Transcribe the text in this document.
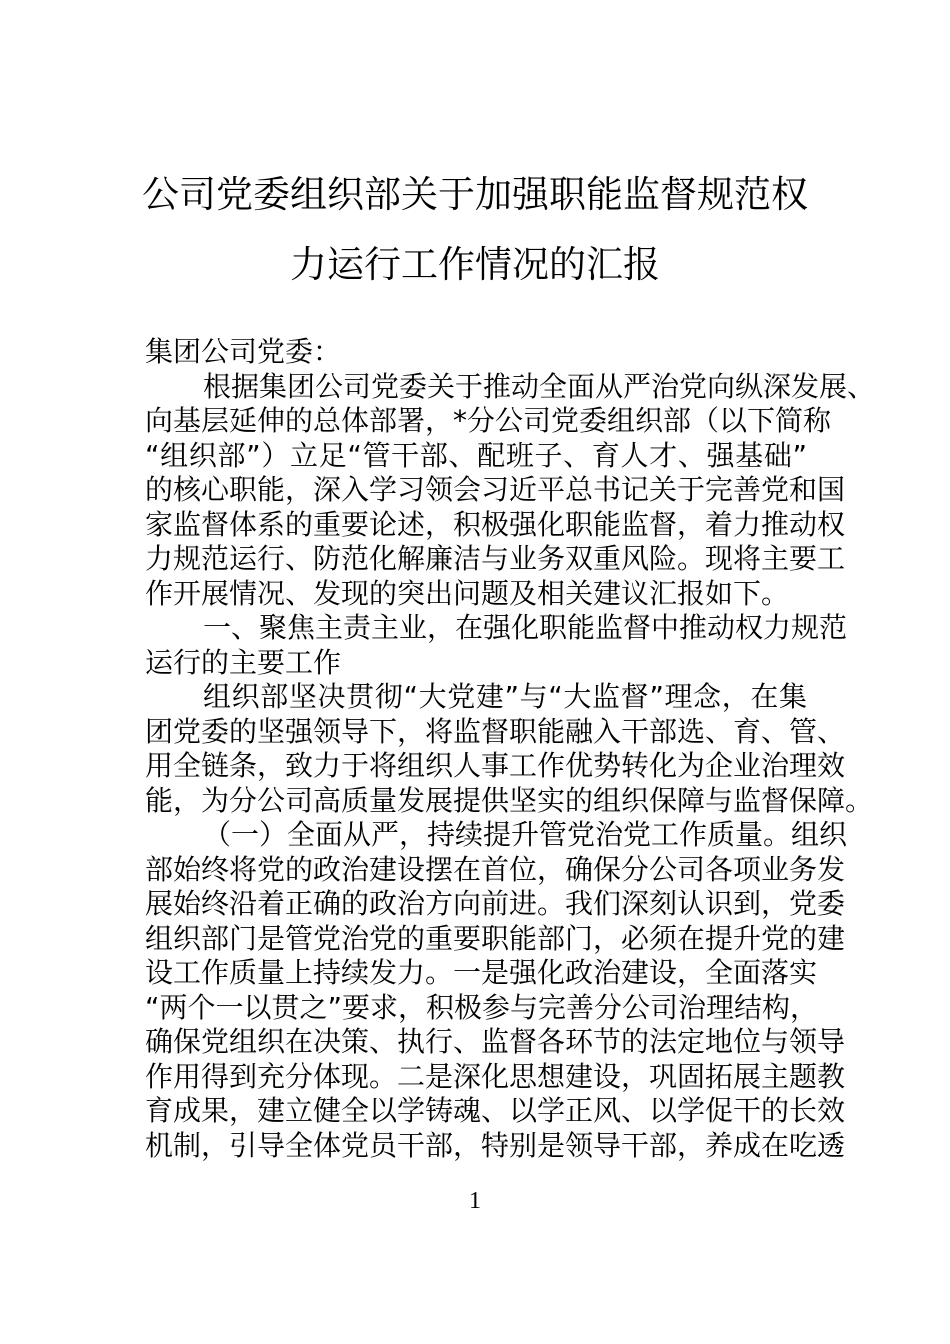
公司党委组织部关于加强职能监督规范权
力运行工作情况的汇报
集团公司党委：
根据集团公司党委关于推动全面从严治党向纵深发展、
向基层延伸的总体部署，*分公司党委组织部（以下简称
“组织部”）立足“管干部、配班子、育人才、强基础”
的核心职能，深入学习领会习近平总书记关于完善党和国
家监督体系的重要论述，积极强化职能监督，着力推动权
力规范运行、防范化解廉洁与业务双重风险。现将主要工
作开展情况、发现的突出问题及相关建议汇报如下。
一、聚焦主责主业，在强化职能监督中推动权力规范
运行的主要工作
组织部坚决贯彻“大党建”与“大监督”理念，在集
团党委的坚强领导下，将监督职能融入干部选、育、管、
用全链条，致力于将组织人事工作优势转化为企业治理效
能，为分公司高质量发展提供坚实的组织保障与监督保障。
（一）全面从严，持续提升管党治党工作质量。组织
部始终将党的政治建设摆在首位，确保分公司各项业务发
展始终沿着正确的政治方向前进。我们深刻认识到，党委
组织部门是管党治党的重要职能部门，必须在提升党的建
设工作质量上持续发力。一是强化政治建设，全面落实
“两个一以贯之”要求，积极参与完善分公司治理结构，
确保党组织在决策、执行、监督各环节的法定地位与领导
作用得到充分体现。二是深化思想建设，巩固拓展主题教
育成果，建立健全以学铸魂、以学正风、以学促干的长效
机制，引导全体党员干部，特别是领导干部，养成在吃透
1
